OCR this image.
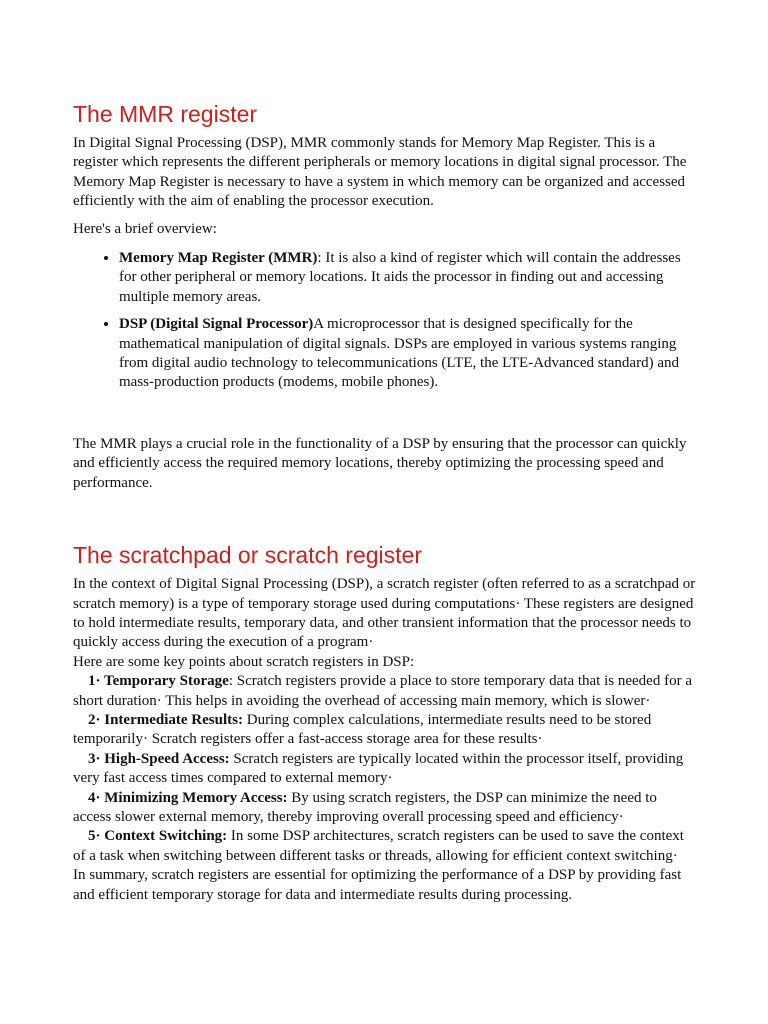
The MMR register

In Digital Signal Processing (DSP), MMR commonly stands for Memory Map Register. This is a register which represents the different peripherals or memory locations in digital signal processor. The Memory Map Register is necessary to have a system in which memory can be organized and accessed efficiently with the aim of enabling the processor execution.

Here's a brief overview:

• Memory Map Register (MMR): It is also a kind of register which will contain the addresses for other peripheral or memory locations. It aids the processor in finding out and accessing multiple memory areas.
• DSP (Digital Signal Processor)A microprocessor that is designed specifically for the mathematical manipulation of digital signals. DSPs are employed in various systems ranging from digital audio technology to telecommunications (LTE, the LTE-Advanced standard) and mass-production products (modems, mobile phones).

The MMR plays a crucial role in the functionality of a DSP by ensuring that the processor can quickly and efficiently access the required memory locations, thereby optimizing the processing speed and performance.

The scratchpad or scratch register

In the context of Digital Signal Processing (DSP), a scratch register (often referred to as a scratchpad or scratch memory) is a type of temporary storage used during computations· These registers are designed to hold intermediate results, temporary data, and other transient information that the processor needs to quickly access during the execution of a program·

Here are some key points about scratch registers in DSP:

1· Temporary Storage: Scratch registers provide a place to store temporary data that is needed for a short duration· This helps in avoiding the overhead of accessing main memory, which is slower·

2· Intermediate Results: During complex calculations, intermediate results need to be stored temporarily· Scratch registers offer a fast-access storage area for these results·

3· High-Speed Access: Scratch registers are typically located within the processor itself, providing very fast access times compared to external memory·

4· Minimizing Memory Access: By using scratch registers, the DSP can minimize the need to access slower external memory, thereby improving overall processing speed and efficiency·

5· Context Switching: In some DSP architectures, scratch registers can be used to save the context of a task when switching between different tasks or threads, allowing for efficient context switching·

In summary, scratch registers are essential for optimizing the performance of a DSP by providing fast and efficient temporary storage for data and intermediate results during processing.
